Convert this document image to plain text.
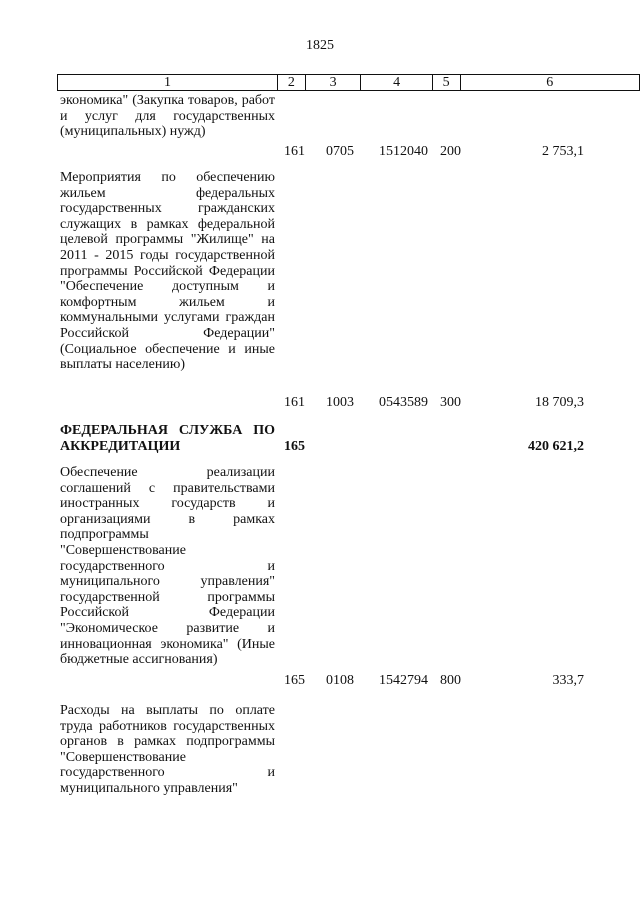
1825
1	2	3	4	5	6
экономика" (Закупка товаров, работ и услуг для государственных (муниципальных) нужд)
161 0705 1512040 200	2 753,1
Мероприятия по обеспечению жильем федеральных государственных гражданских служащих в рамках федеральной целевой программы "Жилище" на 2011 - 2015 годы государственной программы Российской Федерации "Обеспечение доступным и комфортным жильем и коммунальными услугами граждан Российской Федерации" (Социальное обеспечение и иные выплаты населению)
161 1003 0543589 300	18 709,3
ФЕДЕРАЛЬНАЯ СЛУЖБА ПО АККРЕДИТАЦИИ	165	420 621,2
Обеспечение реализации соглашений с правительствами иностранных государств и организациями в рамках подпрограммы "Совершенствование государственного и муниципального управления" государственной программы Российской Федерации "Экономическое развитие и инновационная экономика" (Иные бюджетные ассигнования)
165 0108 1542794 800	333,7
Расходы на выплаты по оплате труда работников государственных органов в рамках подпрограммы "Совершенствование государственного и муниципального управления"
